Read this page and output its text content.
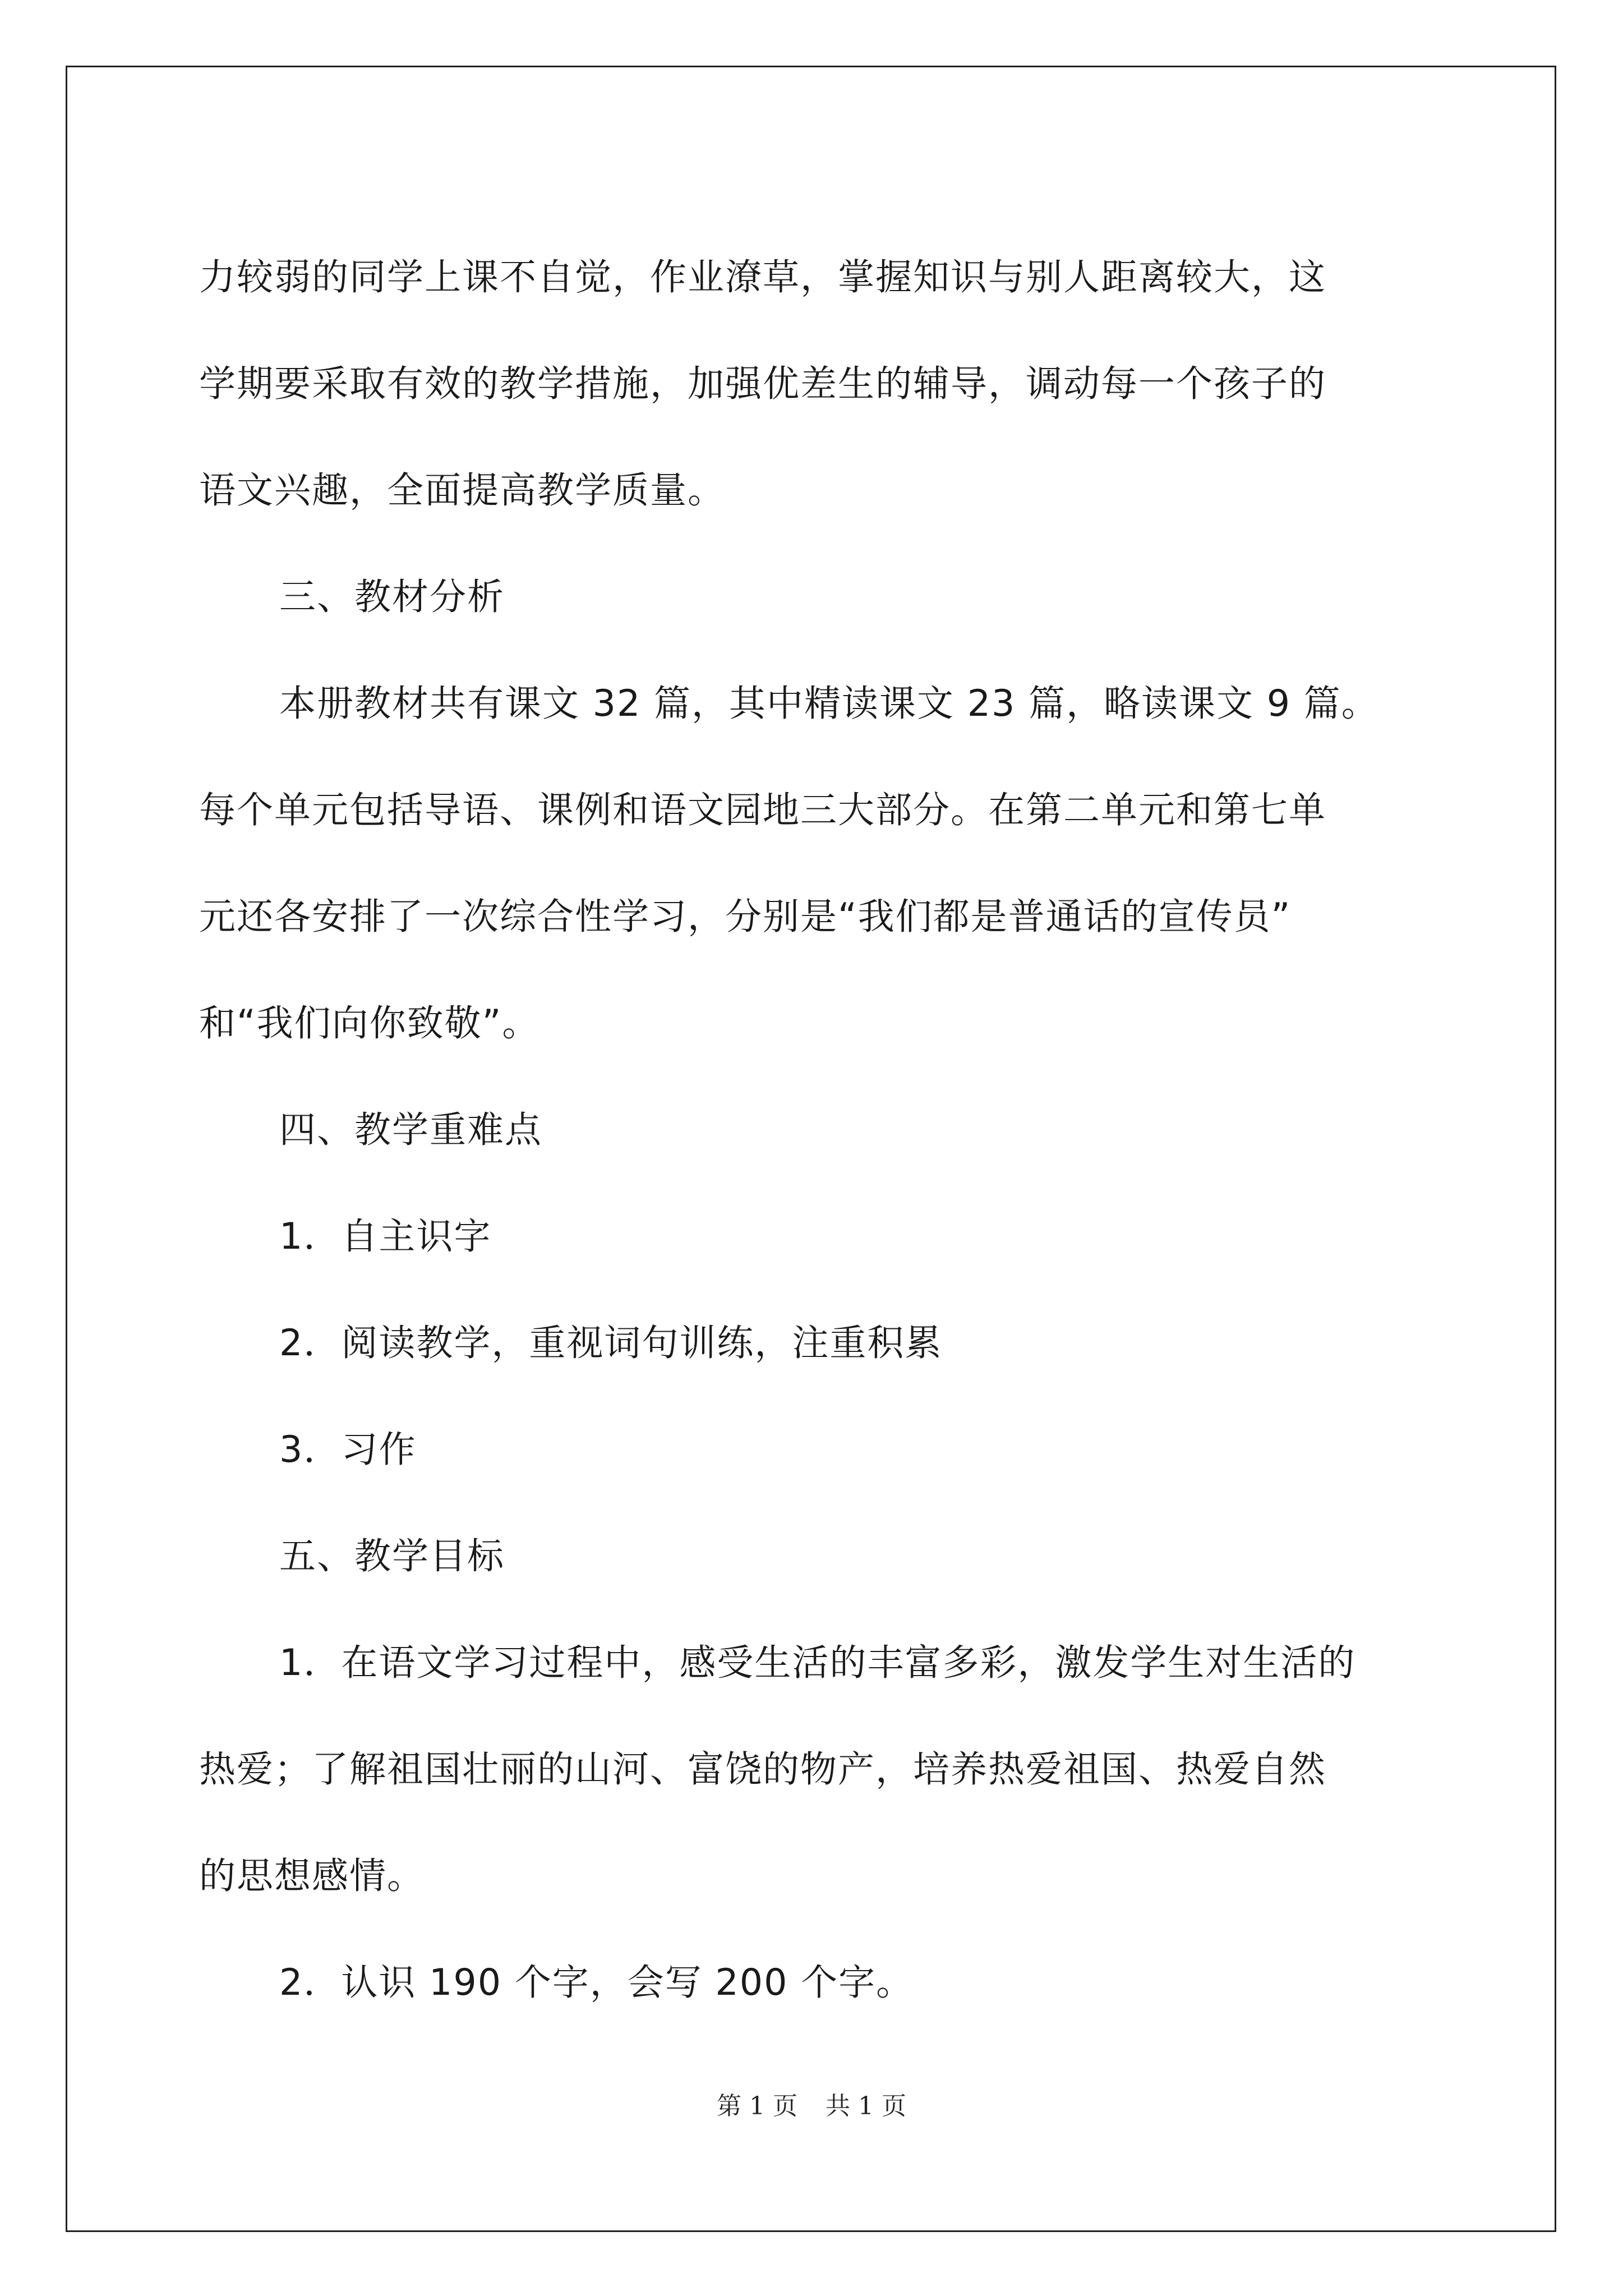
力较弱的同学上课不自觉，作业潦草，掌握知识与别人距离较大，这
学期要采取有效的教学措施，加强优差生的辅导，调动每一个孩子的
语文兴趣，全面提高教学质量。
三、教材分析
本册教材共有课文 32 篇，其中精读课文 23 篇，略读课文 9 篇。
每个单元包括导语、课例和语文园地三大部分。在第二单元和第七单
元还各安排了一次综合性学习，分别是“我们都是普通话的宣传员”
和“我们向你致敬”。
四、教学重难点
1．自主识字
2．阅读教学，重视词句训练，注重积累
3．习作
五、教学目标
1．在语文学习过程中，感受生活的丰富多彩，激发学生对生活的
热爱；了解祖国壮丽的山河、富饶的物产，培养热爱祖国、热爱自然
的思想感情。
2．认识 190 个字，会写 200 个字。
第 1 页 共 1 页
